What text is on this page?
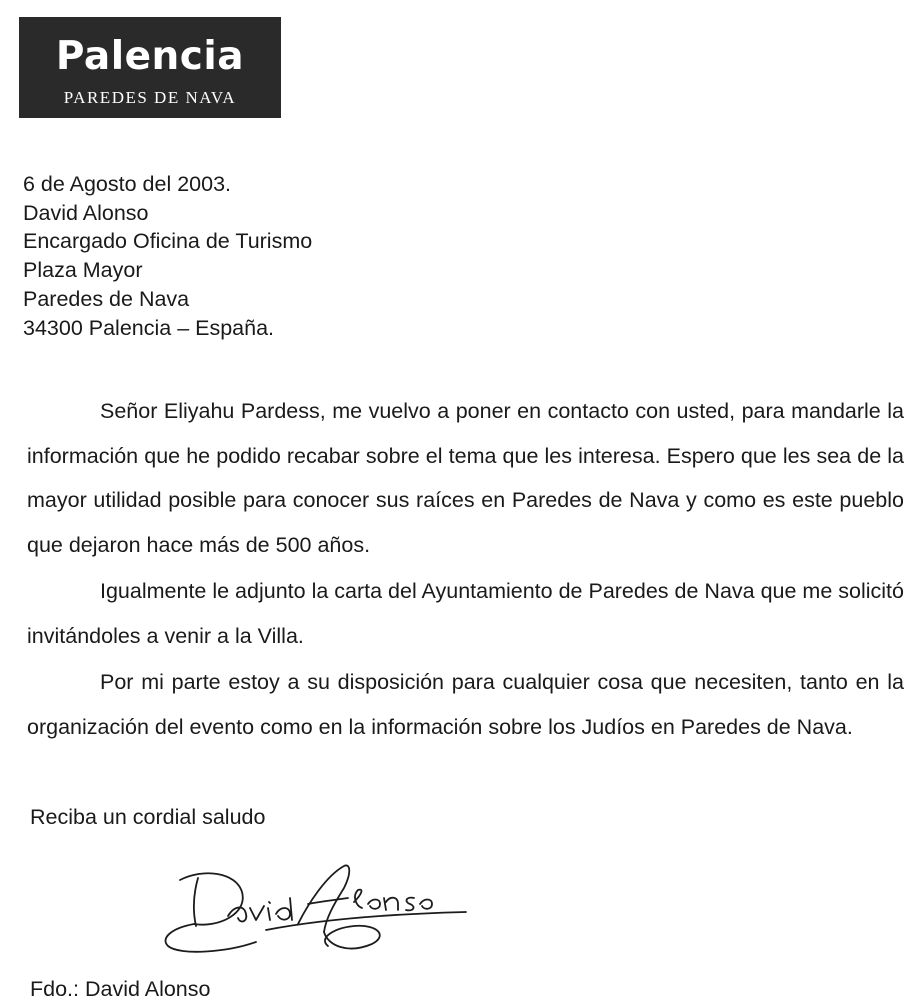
Palencia
PAREDES DE NAVA
6 de Agosto del 2003.
David Alonso
Encargado Oficina de Turismo
Plaza Mayor
Paredes de Nava
34300 Palencia – España.

Señor Eliyahu Pardess, me vuelvo a poner en contacto con usted, para mandarle la información que he podido recabar sobre el tema que les interesa. Espero que les sea de la mayor utilidad posible para conocer sus raíces en Paredes de Nava y como es este pueblo que dejaron hace más de 500 años.

Igualmente le adjunto la carta del Ayuntamiento de Paredes de Nava que me solicitó invitándoles a venir a la Villa.

Por mi parte estoy a su disposición para cualquier cosa que necesiten, tanto en la organización del evento como en la información sobre los Judíos en Paredes de Nava.

Reciba un cordial saludo
Fdo.: David Alonso
